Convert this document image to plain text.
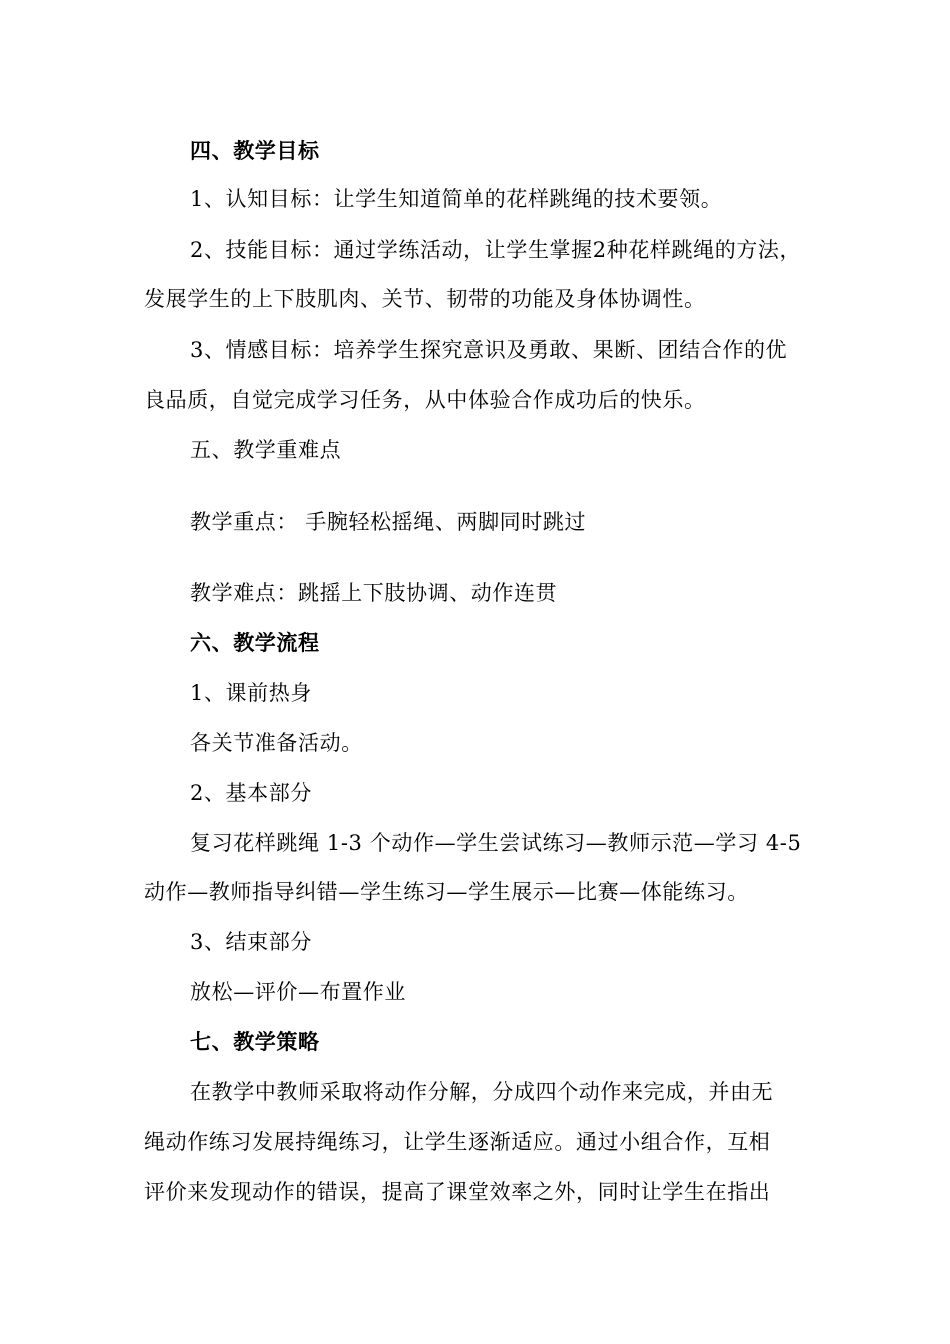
四、教学目标
1、认知目标：让学生知道简单的花样跳绳的技术要领。
2、技能目标：通过学练活动，让学生掌握2种花样跳绳的方法，
发展学生的上下肢肌肉、关节、韧带的功能及身体协调性。
3、情感目标：培养学生探究意识及勇敢、果断、团结合作的优
良品质，自觉完成学习任务，从中体验合作成功后的快乐。
五、教学重难点
教学重点： 手腕轻松摇绳、两脚同时跳过
教学难点：跳摇上下肢协调、动作连贯
六、教学流程
1、课前热身
各关节准备活动。
2、基本部分
复习花样跳绳 1-3 个动作—学生尝试练习—教师示范—学习 4-5
动作—教师指导纠错—学生练习—学生展示—比赛—体能练习。
3、结束部分
放松—评价—布置作业
七、教学策略
在教学中教师采取将动作分解，分成四个动作来完成，并由无
绳动作练习发展持绳练习，让学生逐渐适应。通过小组合作，互相
评价来发现动作的错误，提高了课堂效率之外，同时让学生在指出
